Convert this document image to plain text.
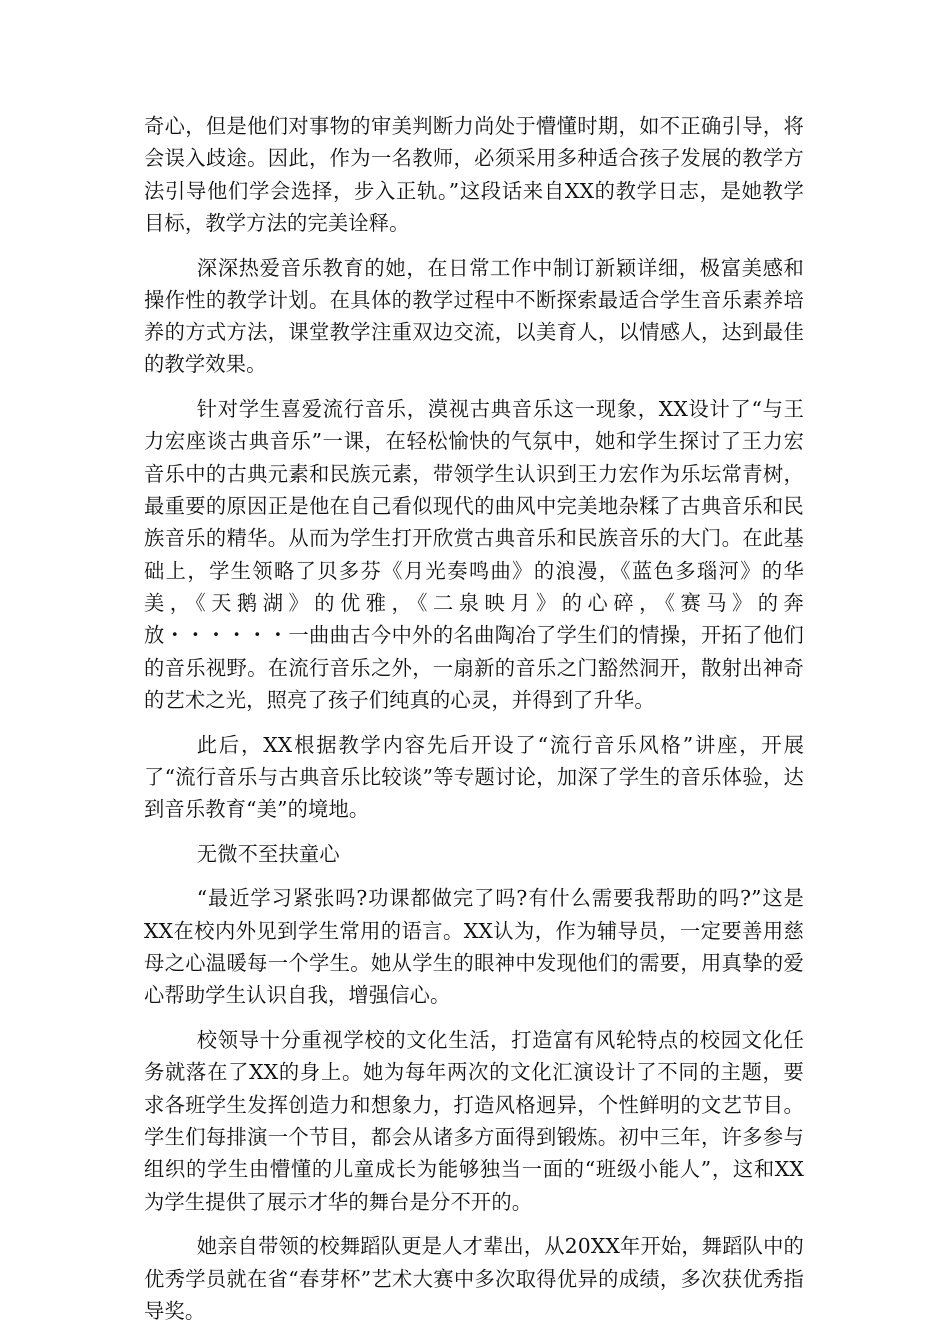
奇心，但是他们对事物的审美判断力尚处于懵懂时期，如不正确引导，将会误入歧途。因此，作为一名教师，必须采用多种适合孩子发展的教学方法引导他们学会选择，步入正轨。”这段话来自XX的教学日志，是她教学目标，教学方法的完美诠释。

深深热爱音乐教育的她，在日常工作中制订新颖详细，极富美感和操作性的教学计划。在具体的教学过程中不断探索最适合学生音乐素养培养的方式方法，课堂教学注重双边交流，以美育人，以情感人，达到最佳的教学效果。

针对学生喜爱流行音乐，漠视古典音乐这一现象，XX设计了“与王力宏座谈古典音乐”一课，在轻松愉快的气氛中，她和学生探讨了王力宏音乐中的古典元素和民族元素，带领学生认识到王力宏作为乐坛常青树，最重要的原因正是他在自己看似现代的曲风中完美地杂糅了古典音乐和民族音乐的精华。从而为学生打开欣赏古典音乐和民族音乐的大门。在此基础上，学生领略了贝多芬《月光奏鸣曲》的浪漫，《蓝色多瑙河》的华美，《天鹅湖》的优雅，《二泉映月》的心碎，《赛马》的奔放・・・・・・一曲曲古今中外的名曲陶冶了学生们的情操，开拓了他们的音乐视野。在流行音乐之外，一扇新的音乐之门豁然洞开，散射出神奇的艺术之光，照亮了孩子们纯真的心灵，并得到了升华。

此后，XX根据教学内容先后开设了“流行音乐风格”讲座，开展了“流行音乐与古典音乐比较谈”等专题讨论，加深了学生的音乐体验，达到音乐教育“美”的境地。

无微不至扶童心

“最近学习紧张吗?功课都做完了吗?有什么需要我帮助的吗?”这是XX在校内外见到学生常用的语言。XX认为，作为辅导员，一定要善用慈母之心温暖每一个学生。她从学生的眼神中发现他们的需要，用真挚的爱心帮助学生认识自我，增强信心。

校领导十分重视学校的文化生活，打造富有风轮特点的校园文化任务就落在了XX的身上。她为每年两次的文化汇演设计了不同的主题，要求各班学生发挥创造力和想象力，打造风格迥异，个性鲜明的文艺节目。学生们每排演一个节目，都会从诸多方面得到锻炼。初中三年，许多参与组织的学生由懵懂的儿童成长为能够独当一面的“班级小能人”，这和XX为学生提供了展示才华的舞台是分不开的。

她亲自带领的校舞蹈队更是人才辈出，从20XX年开始，舞蹈队中的优秀学员就在省“春芽杯”艺术大赛中多次取得优异的成绩，多次获优秀指导奖。
